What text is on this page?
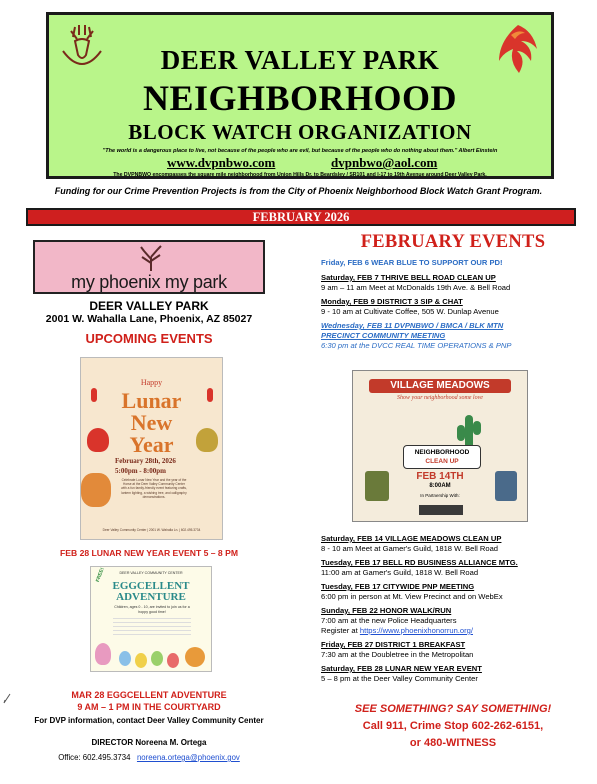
DEER VALLEY PARK
NEIGHBORHOOD
BLOCK WATCH ORGANIZATION
"The world is a dangerous place to live, not because of the people who are evil, but because of the people who do nothing about them." Albert Einstein
www.dvpnbwo.com	dvpnbwo@aol.com
The DVPNBWO encompasses the square mile neighborhood from Union Hills Dr. to Beardsley / SR101 and I-17 to 19th Avenue around Deer Valley Park.
Funding for our Crime Prevention Projects is from the City of Phoenix Neighborhood Block Watch Grant Program.
FEBRUARY 2026
my phoenix my park
DEER VALLEY PARK
2001 W. Wahalla Lane, Phoenix, AZ 85027
UPCOMING EVENTS
Happy
Lunar
New
Year
February 28th, 2026
5:00pm - 8:00pm
Celebrate Lunar New Year and the year of the Horse at the Deer Valley Community Center with a fun family-friendly event featuring crafts, lantern lighting, a wishing tree, and calligraphy demonstrations.
Deer Valley Community Center | 2001 W. Wahalla Ln. | 602.495.3734
FEB 28 LUNAR NEW YEAR EVENT 5 – 8 PM
DEER VALLEY COMMUNITY CENTER
FREE!
EGGCELLENT
ADVENTURE
Children, ages 0 - 10, are invited to join us for a hoppy good time!
MAR 28 EGGCELLENT ADVENTURE
9 AM – 1 PM IN THE COURTYARD
For DVP information, contact Deer Valley Community Center
DIRECTOR Noreena M. Ortega
Office: 602.495.3734 noreena.ortega@phoenix.gov
FEBRUARY EVENTS
Friday, FEB 6 WEAR BLUE TO SUPPORT OUR PD!
Saturday, FEB 7 THRIVE BELL ROAD CLEAN UP
9 am – 11 am Meet at McDonalds 19th Ave. & Bell Road
Monday, FEB 9 DISTRICT 3 SIP & CHAT
9 - 10 am at Cultivate Coffee, 505 W. Dunlap Avenue
Wednesday, FEB 11 DVPNBWO / BMCA / BLK MTN
PRECINCT COMMUNITY MEETING
6:30 pm at the DVCC REAL TIME OPERATIONS & PNP
VILLAGE MEADOWS
Show your neighborhood some love
NEIGHBORHOOD
CLEAN UP
FEB 14TH
8:00AM
In Partnership With:
Saturday, FEB 14 VILLAGE MEADOWS CLEAN UP
8 - 10 am Meet at Gamer's Guild, 1818 W. Bell Road
Tuesday, FEB 17 BELL RD BUSINESS ALLIANCE MTG.
11:00 am at Gamer's Guild, 1818 W. Bell Road
Tuesday, FEB 17 CITYWIDE PNP MEETING
6:00 pm in person at Mt. View Precinct and on WebEx
Sunday, FEB 22 HONOR WALK/RUN
7:00 am at the new Police Headquarters
Register at https://www.phoenixhonorrun.org/
Friday, FEB 27 DISTRICT 1 BREAKFAST
7:30 am at the Doubletree in the Metropolitan
Saturday, FEB 28 LUNAR NEW YEAR EVENT
5 – 8 pm at the Deer Valley Community Center
SEE SOMETHING? SAY SOMETHING!
Call 911, Crime Stop 602-262-6151,
or 480-WITNESS
